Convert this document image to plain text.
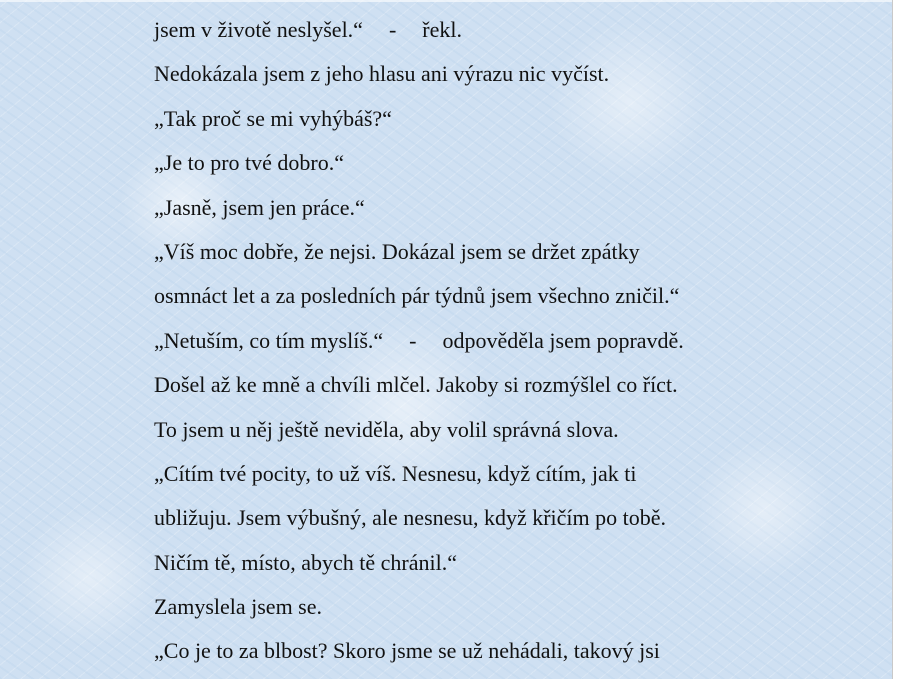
jsem v životě neslyšel.“ - řekl.
Nedokázala jsem z jeho hlasu ani výrazu nic vyčíst.
„Tak proč se mi vyhýbáš?“
„Je to pro tvé dobro.“
„Jasně, jsem jen práce.“
„Víš moc dobře, že nejsi. Dokázal jsem se držet zpátky
osmnáct let a za posledních pár týdnů jsem všechno zničil.“
„Netuším, co tím myslíš.“ - odpověděla jsem popravdě.
Došel až ke mně a chvíli mlčel. Jakoby si rozmýšlel co říct.
To jsem u něj ještě neviděla, aby volil správná slova.
„Cítím tvé pocity, to už víš. Nesnesu, když cítím, jak ti
ubližuju. Jsem výbušný, ale nesnesu, když křičím po tobě.
Ničím tě, místo, abych tě chránil.“
Zamyslela jsem se.
„Co je to za blbost? Skoro jsme se už nehádali, takový jsi
